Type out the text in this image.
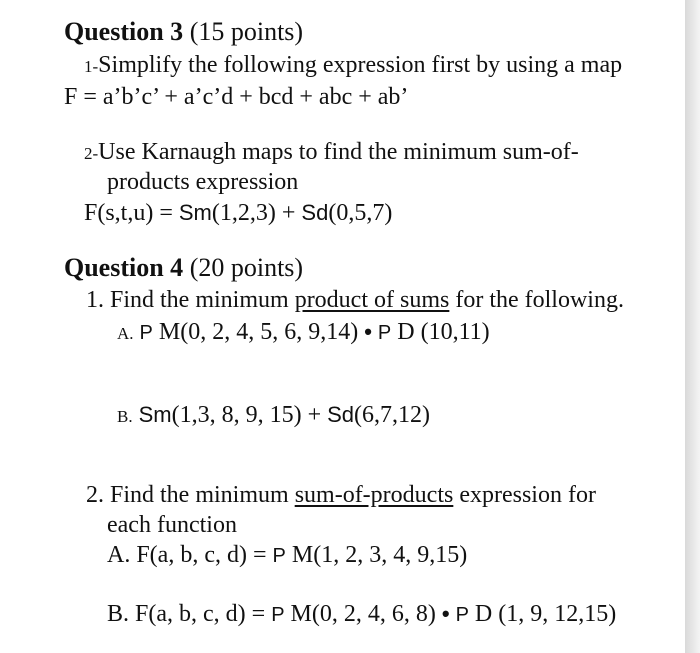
Question 3 (15 points)
1-Simplify the following expression first by using a map
F = a’b’c’ + a’c’d + bcd + abc + ab’
2-Use Karnaugh maps to find the minimum sum-of-
products expression
F(s,t,u) = Sm(1,2,3) + Sd(0,5,7)
Question 4 (20 points)
1. Find the minimum product of sums for the following.
A. P M(0, 2, 4, 5, 6, 9,14) • P D (10,11)
B. Sm(1,3, 8, 9, 15) + Sd(6,7,12)
2. Find the minimum sum-of-products expression for
each function
A. F(a, b, c, d) = P M(1, 2, 3, 4, 9,15)
B. F(a, b, c, d) = P M(0, 2, 4, 6, 8) • P D (1, 9, 12,15)
